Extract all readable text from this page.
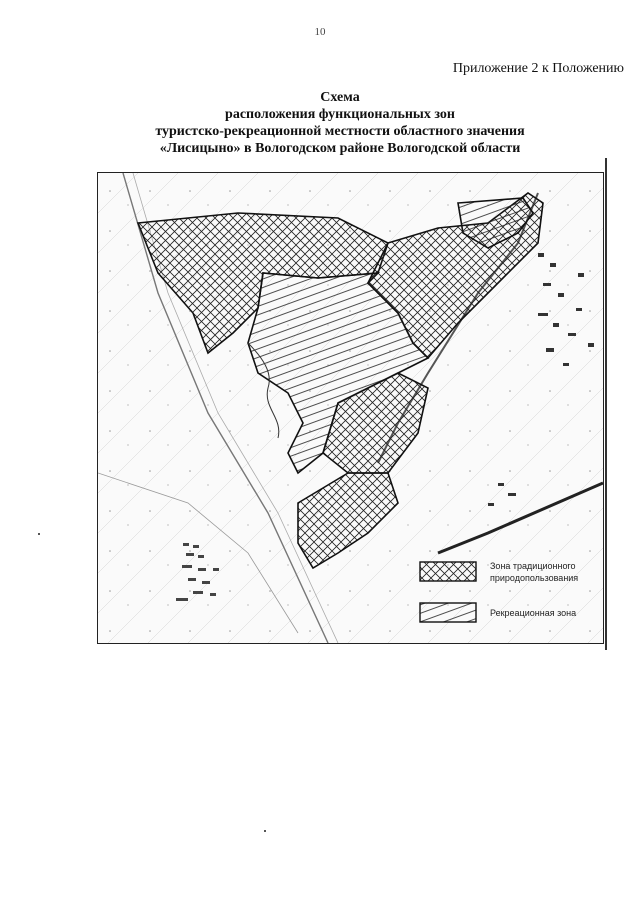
10
Приложение 2 к Положению
Схема
расположения функциональных зон
туристско-рекреационной местности областного значения
«Лисицыно» в Вологодском районе Вологодской области
Зона традиционного
природопользования
Рекреационная зона
